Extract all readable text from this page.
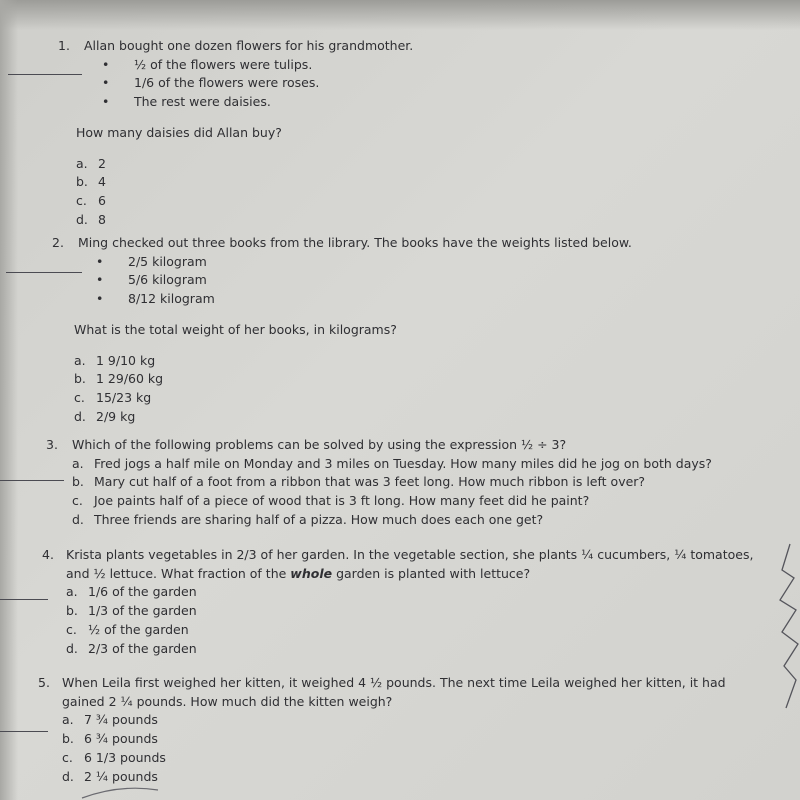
1. Allan bought one dozen flowers for his grandmother.

• ½ of the flowers were tulips.
• 1/6 of the flowers were roses.
• The rest were daisies.

How many daisies did Allan buy?

a. 2
b. 4
c. 6
d. 8
2. Ming checked out three books from the library. The books have the weights listed below.

• 2/5 kilogram
• 5/6 kilogram
• 8/12 kilogram

What is the total weight of her books, in kilograms?

a. 1 9/10 kg
b. 1 29/60 kg
c. 15/23 kg
d. 2/9 kg
3. Which of the following problems can be solved by using the expression ½ ÷ 3?

a. Fred jogs a half mile on Monday and 3 miles on Tuesday. How many miles did he jog on both days?
b. Mary cut half of a foot from a ribbon that was 3 feet long. How much ribbon is left over?
c. Joe paints half of a piece of wood that is 3 ft long. How many feet did he paint?
d. Three friends are sharing half of a pizza. How much does each one get?
4. Krista plants vegetables in 2/3 of her garden. In the vegetable section, she plants ¼ cucumbers, ¼ tomatoes, and ½ lettuce. What fraction of the whole garden is planted with lettuce?

a. 1/6 of the garden
b. 1/3 of the garden
c. ½ of the garden
d. 2/3 of the garden
5. When Leila first weighed her kitten, it weighed 4 ½ pounds. The next time Leila weighed her kitten, it had gained 2 ¼ pounds. How much did the kitten weigh?

a. 7 ¾ pounds
b. 6 ¾ pounds
c. 6 1/3 pounds
d. 2 ¼ pounds
